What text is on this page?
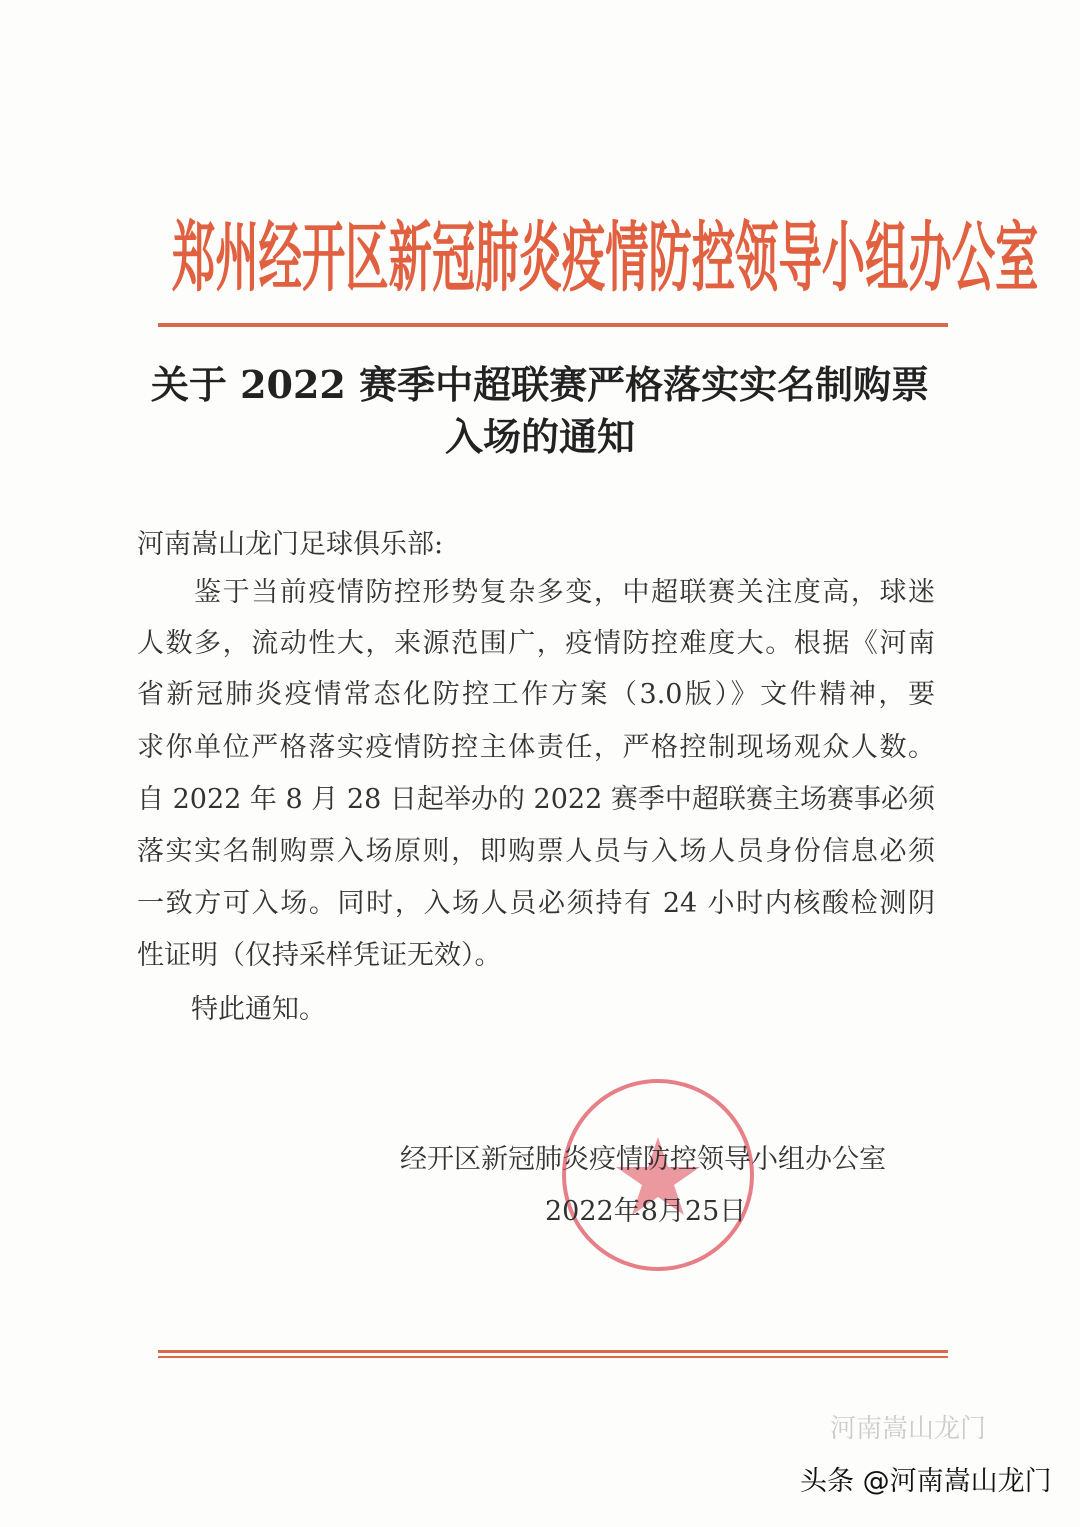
郑州经开区新冠肺炎疫情防控领导小组办公室
关于 2022 赛季中超联赛严格落实实名制购票
入场的通知
河南嵩山龙门足球俱乐部:
　　鉴于当前疫情防控形势复杂多变，中超联赛关注度高，球迷
人数多，流动性大，来源范围广，疫情防控难度大。根据《河南
省新冠肺炎疫情常态化防控工作方案（3.0版）》文件精神，要
求你单位严格落实疫情防控主体责任，严格控制现场观众人数。
自 2022 年 8 月 28 日起举办的 2022 赛季中超联赛主场赛事必须
落实实名制购票入场原则，即购票人员与入场人员身份信息必须
一致方可入场。同时，入场人员必须持有 24 小时内核酸检测阴
性证明（仅持采样凭证无效）。
　　特此通知。
经开区新冠肺炎疫情防控领导小组办公室
2022年8月25日
河南嵩山龙门
头条 @河南嵩山龙门
